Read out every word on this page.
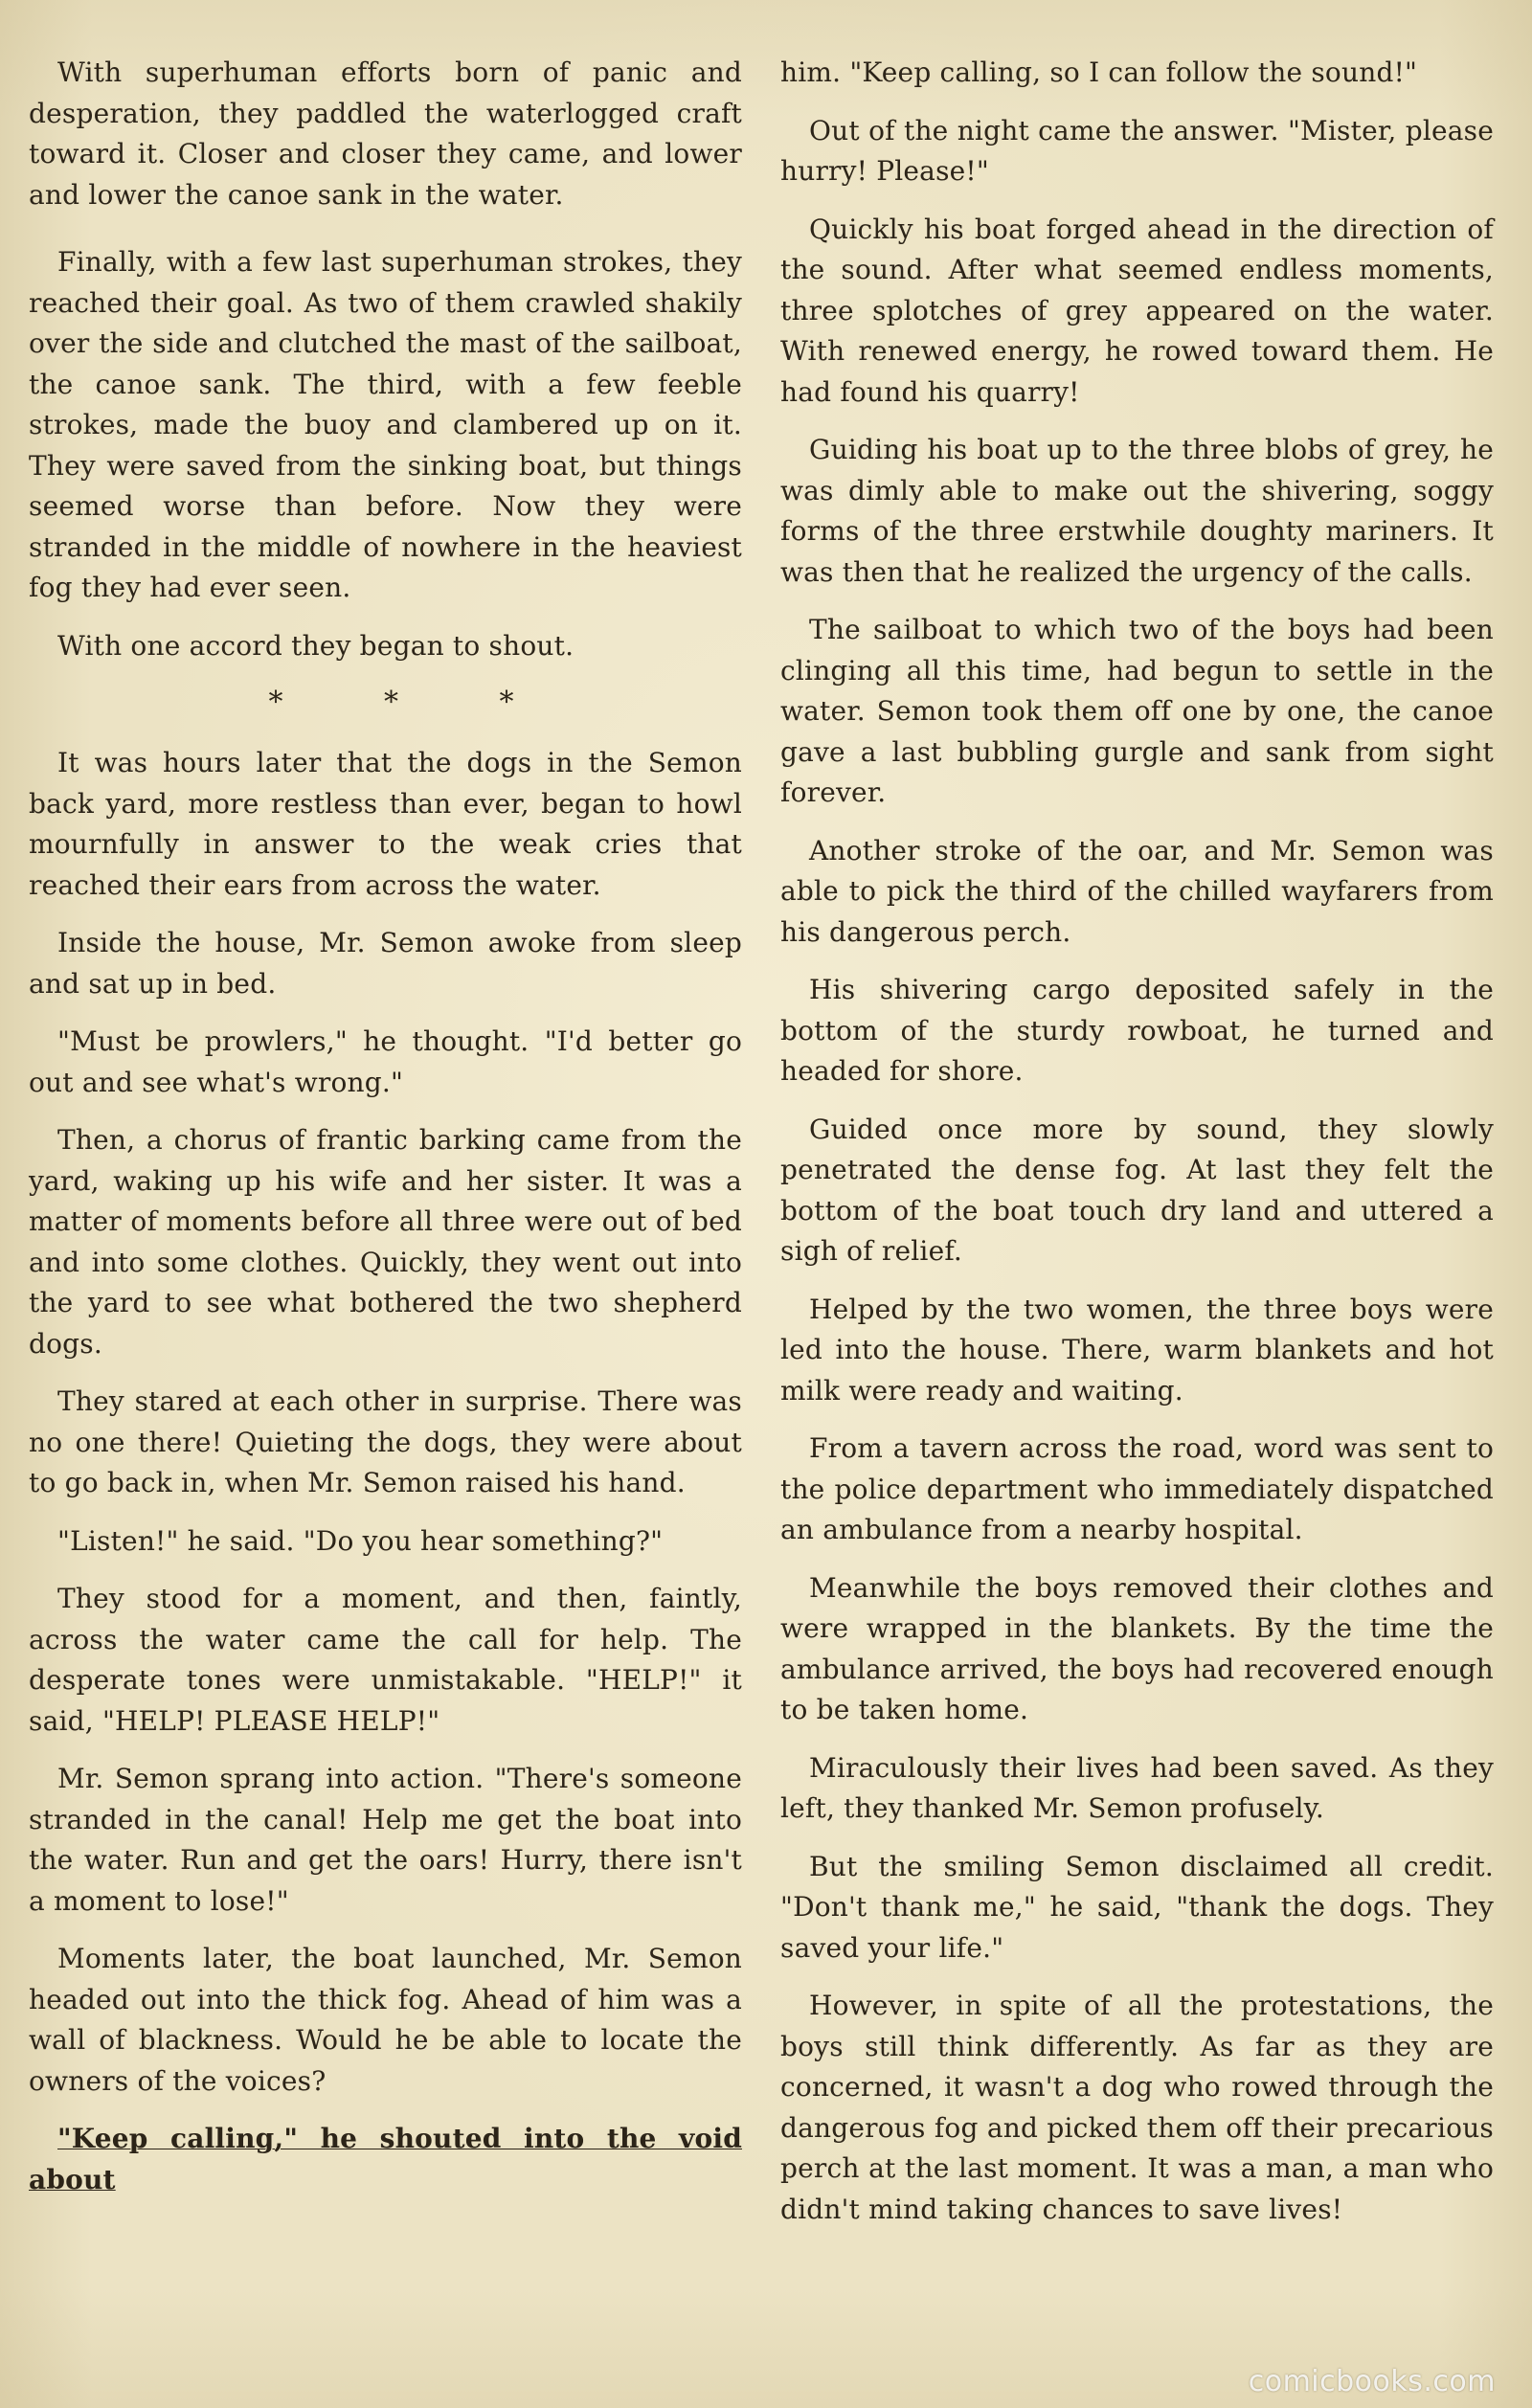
With superhuman efforts born of panic and desperation, they paddled the waterlogged craft toward it. Closer and closer they came, and lower and lower the canoe sank in the water.

Finally, with a few last superhuman strokes, they reached their goal. As two of them crawled shakily over the side and clutched the mast of the sailboat, the canoe sank. The third, with a few feeble strokes, made the buoy and clambered up on it. They were saved from the sinking boat, but things seemed worse than before. Now they were stranded in the middle of nowhere in the heaviest fog they had ever seen.

With one accord they began to shout.

* * *

It was hours later that the dogs in the Semon back yard, more restless than ever, began to howl mournfully in answer to the weak cries that reached their ears from across the water.

Inside the house, Mr. Semon awoke from sleep and sat up in bed.

"Must be prowlers," he thought. "I'd better go out and see what's wrong."

Then, a chorus of frantic barking came from the yard, waking up his wife and her sister. It was a matter of moments before all three were out of bed and into some clothes. Quickly, they went out into the yard to see what bothered the two shepherd dogs.

They stared at each other in surprise. There was no one there! Quieting the dogs, they were about to go back in, when Mr. Semon raised his hand.

"Listen!" he said. "Do you hear something?"

They stood for a moment, and then, faintly, across the water came the call for help. The desperate tones were unmistakable. "HELP!" it said, "HELP! PLEASE HELP!"

Mr. Semon sprang into action. "There's someone stranded in the canal! Help me get the boat into the water. Run and get the oars! Hurry, there isn't a moment to lose!"

Moments later, the boat launched, Mr. Semon headed out into the thick fog. Ahead of him was a wall of blackness. Would he be able to locate the owners of the voices?

"Keep calling," he shouted into the void about

him. "Keep calling, so I can follow the sound!"

Out of the night came the answer. "Mister, please hurry! Please!"

Quickly his boat forged ahead in the direction of the sound. After what seemed endless moments, three splotches of grey appeared on the water. With renewed energy, he rowed toward them. He had found his quarry!

Guiding his boat up to the three blobs of grey, he was dimly able to make out the shivering, soggy forms of the three erstwhile doughty mariners. It was then that he realized the urgency of the calls.

The sailboat to which two of the boys had been clinging all this time, had begun to settle in the water. Semon took them off one by one, the canoe gave a last bubbling gurgle and sank from sight forever.

Another stroke of the oar, and Mr. Semon was able to pick the third of the chilled wayfarers from his dangerous perch.

His shivering cargo deposited safely in the bottom of the sturdy rowboat, he turned and headed for shore.

Guided once more by sound, they slowly penetrated the dense fog. At last they felt the bottom of the boat touch dry land and uttered a sigh of relief.

Helped by the two women, the three boys were led into the house. There, warm blankets and hot milk were ready and waiting.

From a tavern across the road, word was sent to the police department who immediately dispatched an ambulance from a nearby hospital.

Meanwhile the boys removed their clothes and were wrapped in the blankets. By the time the ambulance arrived, the boys had recovered enough to be taken home.

Miraculously their lives had been saved. As they left, they thanked Mr. Semon profusely.

But the smiling Semon disclaimed all credit. "Don't thank me," he said, "thank the dogs. They saved your life."

However, in spite of all the protestations, the boys still think differently. As far as they are concerned, it wasn't a dog who rowed through the dangerous fog and picked them off their precarious perch at the last moment. It was a man, a man who didn't mind taking chances to save lives!

comicbooks.com
